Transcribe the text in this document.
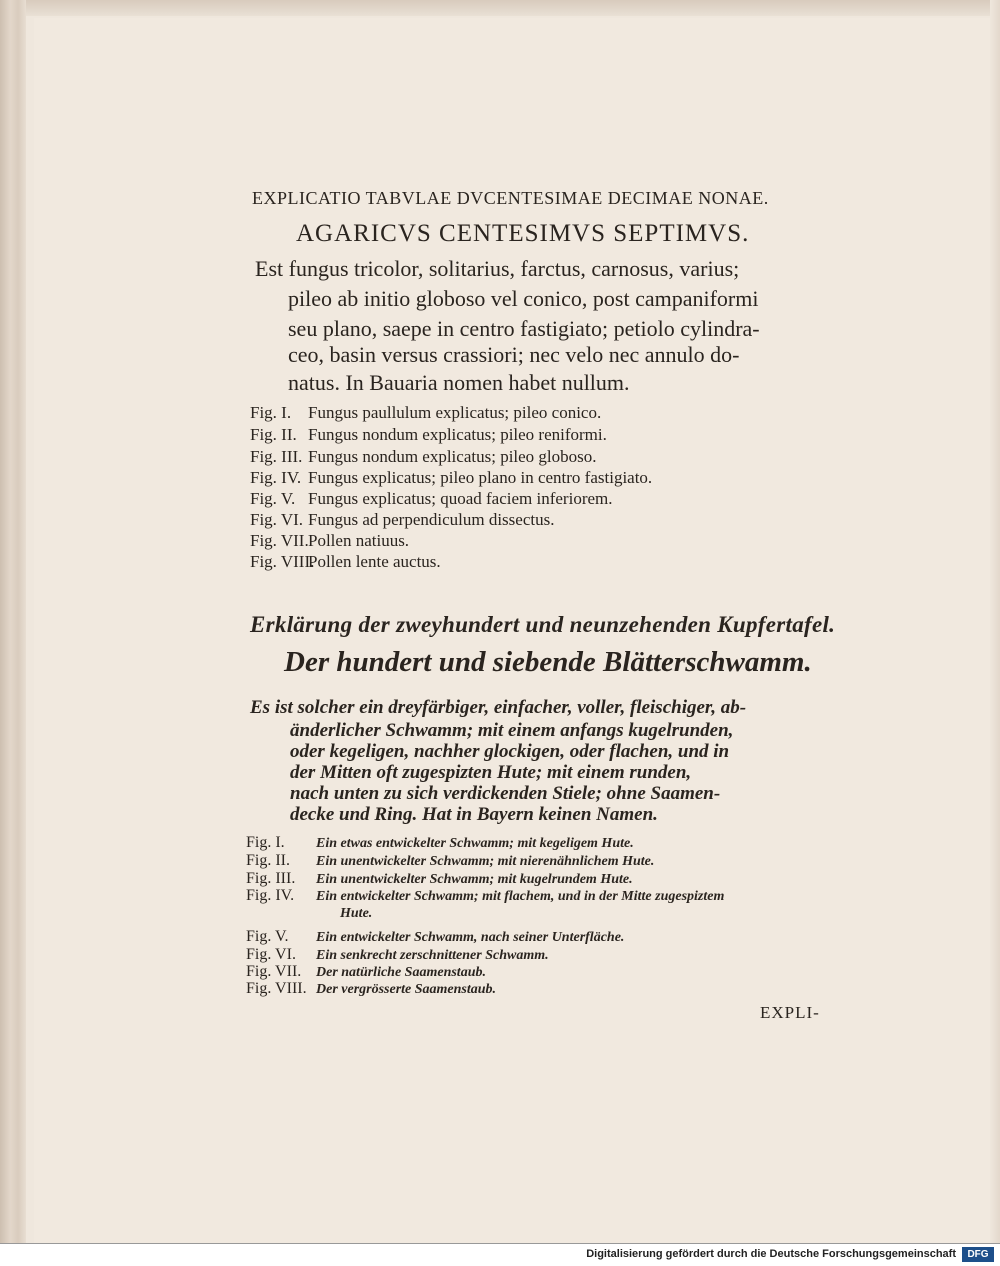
EXPLICATIO TABVLAE DVCENTESIMAE DECIMAE NONAE.
AGARICVS CENTESIMVS SEPTIMVS.
Est fungus tricolor, solitarius, farctus, carnosus, varius;
pileo ab initio globoso vel conico, post campaniformi
seu plano, saepe in centro fastigiato; petiolo cylindra-
ceo, basin versus crassiori; nec velo nec annulo do-
natus. In Bauaria nomen habet nullum.
Fig. I. Fungus paullulum explicatus; pileo conico.
Fig. II. Fungus nondum explicatus; pileo reniformi.
Fig. III. Fungus nondum explicatus; pileo globoso.
Fig. IV. Fungus explicatus; pileo plano in centro fastigiato.
Fig. V. Fungus explicatus; quoad faciem inferiorem.
Fig. VI. Fungus ad perpendiculum dissectus.
Fig. VII.Pollen natiuus.
Fig. VIII.Pollen lente auctus.
Erklärung der zweyhundert und neunzehenden Kupfertafel.
Der hundert und siebende Blätterschwamm.
Es ist solcher ein dreyfärbiger, einfacher, voller, fleischiger, ab-
änderlicher Schwamm; mit einem anfangs kugelrunden,
oder kegeligen, nachher glockigen, oder flachen, und in
der Mitten oft zugespizten Hute; mit einem runden,
nach unten zu sich verdickenden Stiele; ohne Saamen-
decke und Ring. Hat in Bayern keinen Namen.
Fig. I. Ein etwas entwickelter Schwamm; mit kegeligem Hute.
Fig. II. Ein unentwickelter Schwamm; mit nierenähnlichem Hute.
Fig. III. Ein unentwickelter Schwamm; mit kugelrundem Hute.
Fig. IV. Ein entwickelter Schwamm; mit flachem, und in der Mitte zugespiztem
Hute.
Fig. V. Ein entwickelter Schwamm, nach seiner Unterfläche.
Fig. VI. Ein senkrecht zerschnittener Schwamm.
Fig. VII. Der natürliche Saamenstaub.
Fig. VIII. Der vergrösserte Saamenstaub.
EXPLI-
Digitalisierung gefördert durch die Deutsche Forschungsgemeinschaft	DFG
